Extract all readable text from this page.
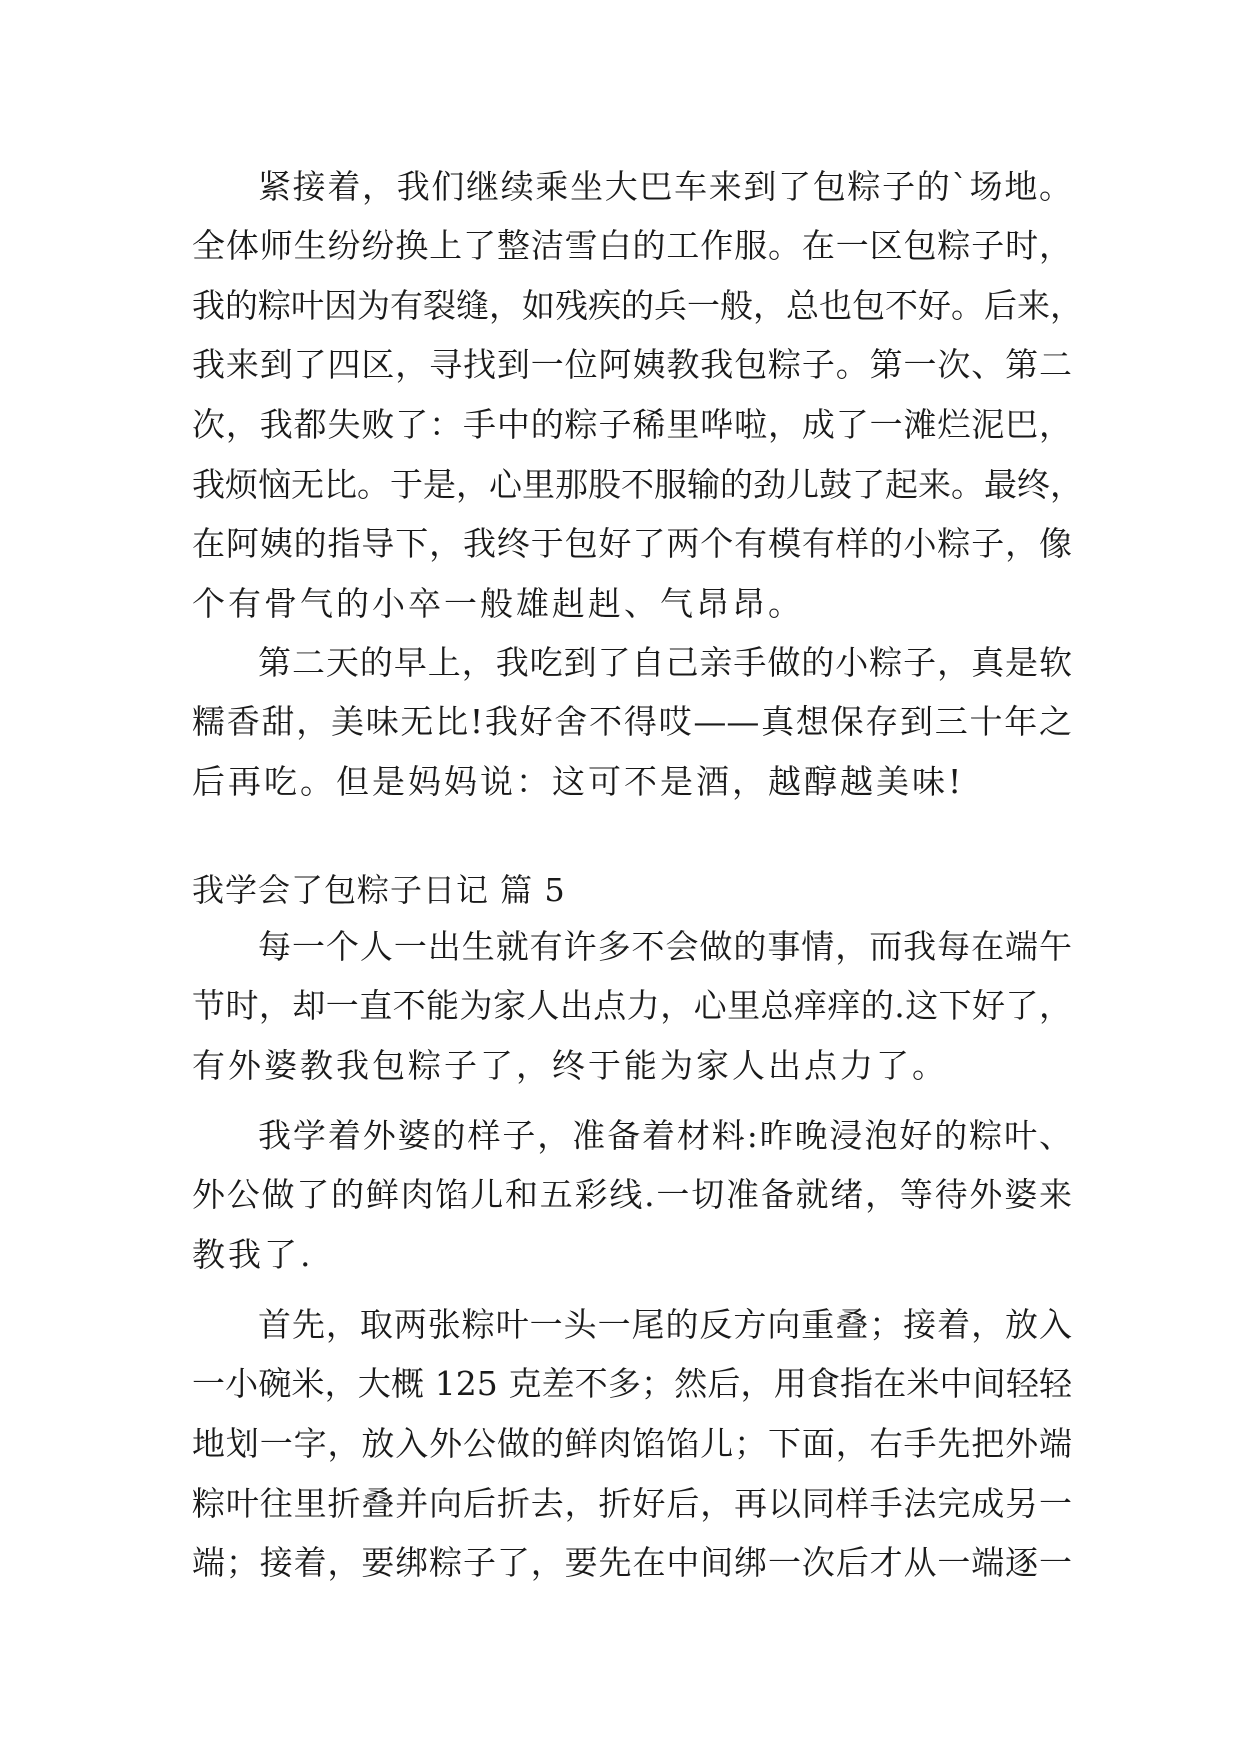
紧接着，我们继续乘坐大巴车来到了包粽子的`场地。
全体师生纷纷换上了整洁雪白的工作服。在一区包粽子时，
我的粽叶因为有裂缝，如残疾的兵一般，总也包不好。后来，
我来到了四区，寻找到一位阿姨教我包粽子。第一次、第二
次，我都失败了：手中的粽子稀里哗啦，成了一滩烂泥巴，
我烦恼无比。于是，心里那股不服输的劲儿鼓了起来。最终，
在阿姨的指导下，我终于包好了两个有模有样的小粽子，像
个有骨气的小卒一般雄赳赳、气昂昂。
第二天的早上，我吃到了自己亲手做的小粽子，真是软
糯香甜，美味无比!我好舍不得哎——真想保存到三十年之
后再吃。但是妈妈说：这可不是酒，越醇越美味!
我学会了包粽子日记 篇 5
每一个人一出生就有许多不会做的事情，而我每在端午
节时，却一直不能为家人出点力，心里总痒痒的.这下好了，
有外婆教我包粽子了，终于能为家人出点力了。
我学着外婆的样子，准备着材料:昨晚浸泡好的粽叶、
外公做了的鲜肉馅儿和五彩线.一切准备就绪，等待外婆来
教我了.
首先，取两张粽叶一头一尾的反方向重叠；接着，放入
一小碗米，大概 125 克差不多；然后，用食指在米中间轻轻
地划一字，放入外公做的鲜肉馅馅儿；下面，右手先把外端
粽叶往里折叠并向后折去，折好后，再以同样手法完成另一
端；接着，要绑粽子了，要先在中间绑一次后才从一端逐一
